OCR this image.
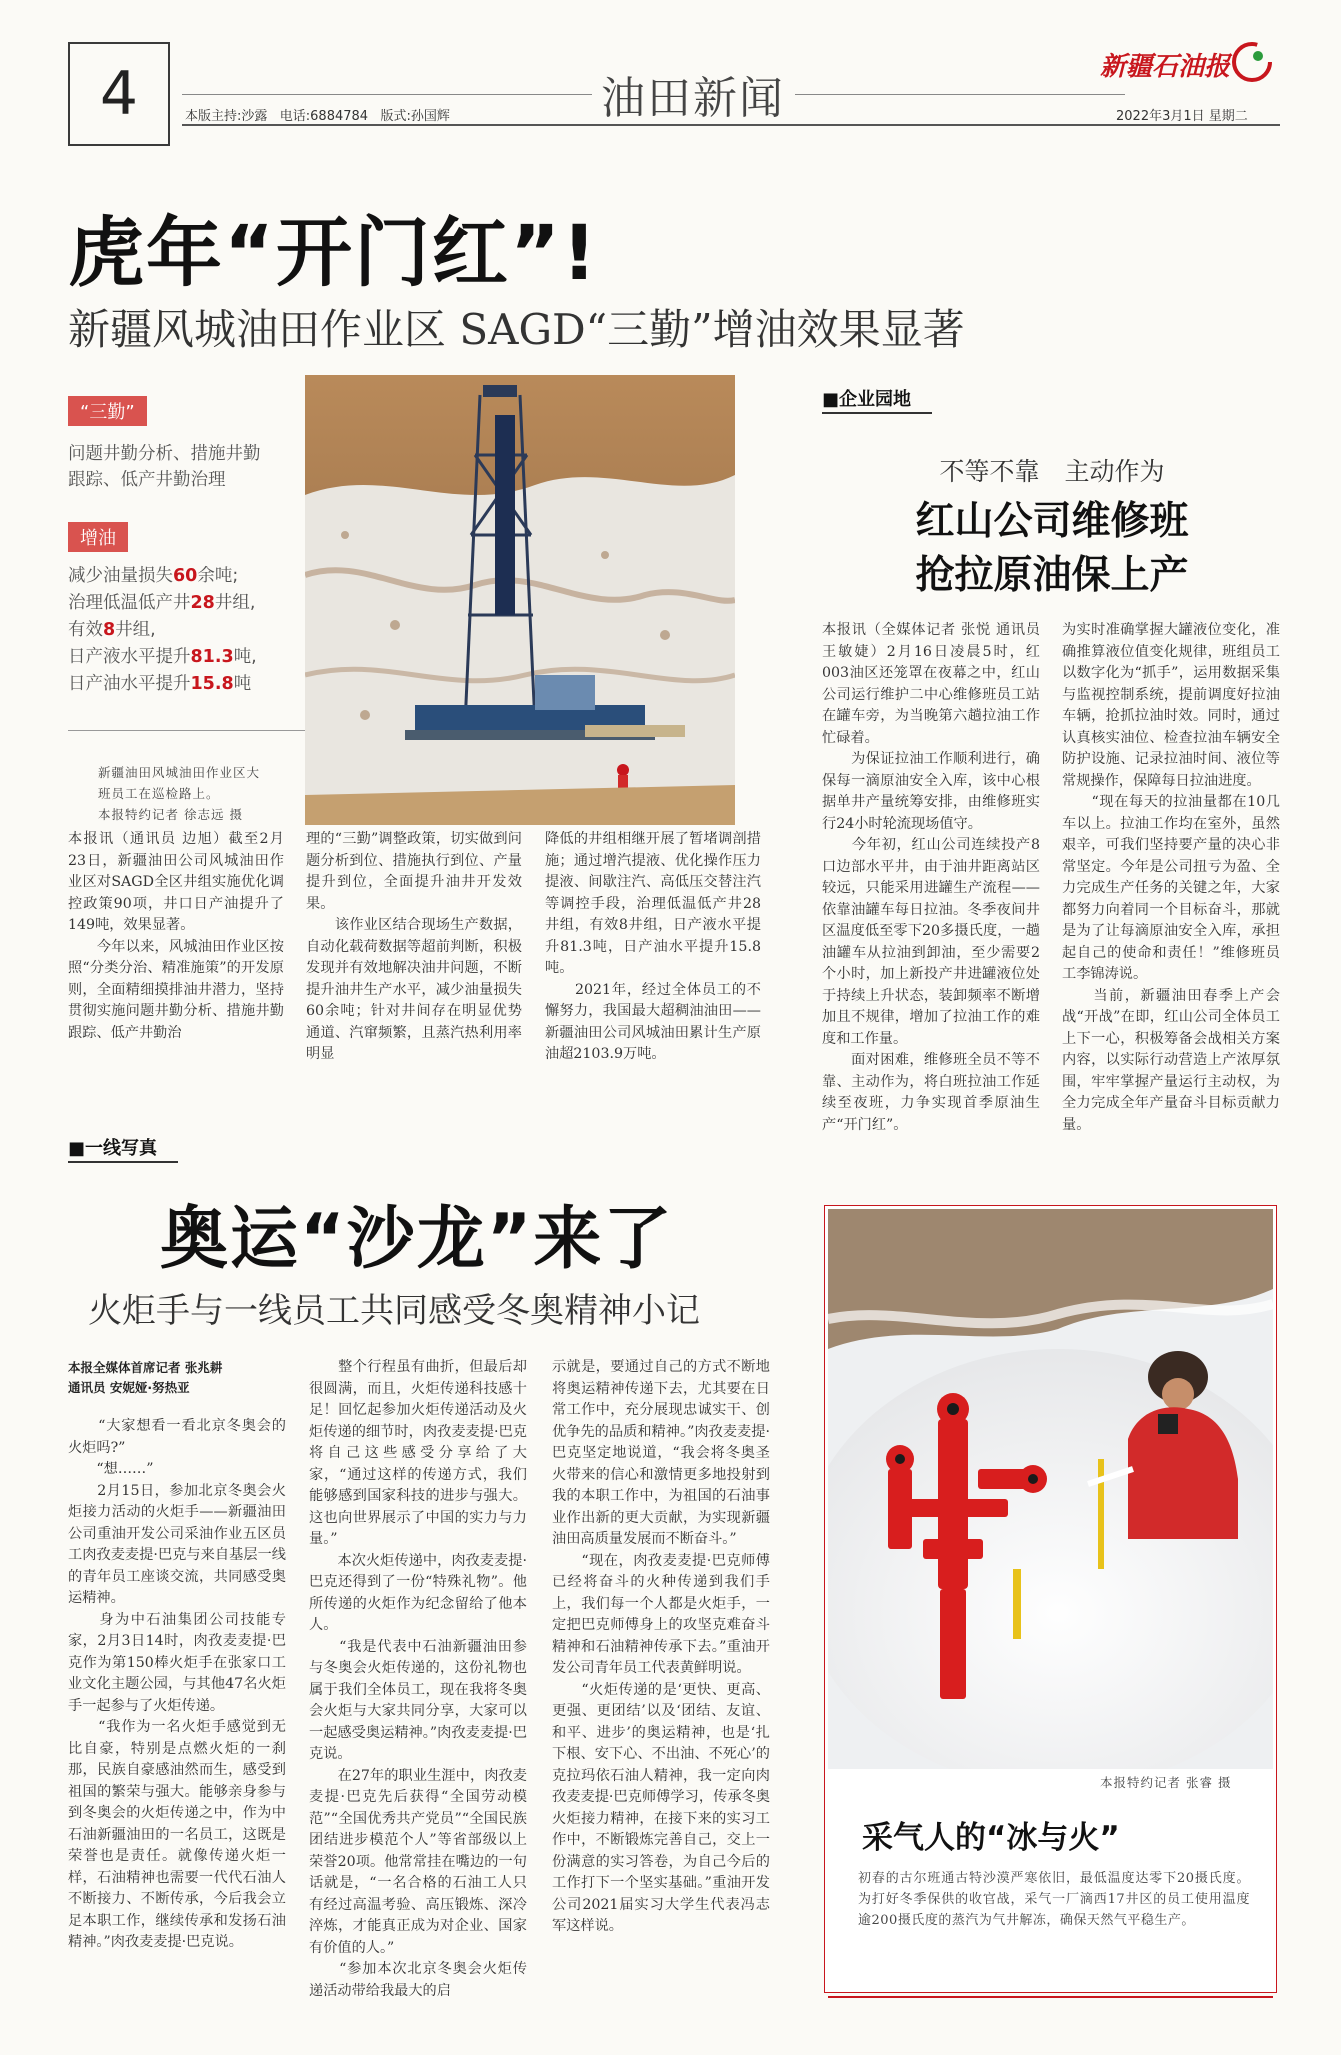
4	油田新闻
本版主持:沙露   电话:6884784   版式:孙国辉
新疆石油报
2022年3月1日 星期二
虎年“开门红”!
新疆风城油田作业区 SAGD“三勤”增油效果显著
“三勤”
问题井勤分析、措施井勤
跟踪、低产井勤治理
增油
减少油量损失60余吨;
治理低温低产井28井组,
有效8井组,
日产液水平提升81.3吨,
日产油水平提升15.8吨
新疆油田风城油田作业区大
班员工在巡检路上。
本报特约记者 徐志远 摄
本报讯（通讯员 边旭）截至2月23日，新疆油田公司风城油田作业区对SAGD全区井组实施优化调控政策90项，井口日产油提升了149吨，效果显著。
　　今年以来，风城油田作业区按照“分类分治、精准施策”的开发原则，全面精细摸排油井潜力，坚持贯彻实施问题井勤分析、措施井勤跟踪、低产井勤治
理的“三勤”调整政策，切实做到问题分析到位、措施执行到位、产量提升到位，全面提升油井开发效果。
　　该作业区结合现场生产数据，自动化载荷数据等超前判断，积极发现并有效地解决油井问题，不断提升油井生产水平，减少油量损失60余吨；针对井间存在明显优势通道、汽窜频繁，且蒸汽热利用率明显
降低的井组相继开展了暂堵调剖措施；通过增汽提液、优化操作压力提液、间歇注汽、高低压交替注汽等调控手段，治理低温低产井28井组，有效8井组，日产液水平提升81.3吨，日产油水平提升15.8吨。
　　2021年，经过全体员工的不懈努力，我国最大超稠油油田——新疆油田公司风城油田累计生产原油超2103.9万吨。
■企业园地
不等不靠　主动作为
红山公司维修班
抢拉原油保上产
本报讯（全媒体记者 张悦 通讯员 王敏婕）2月16日凌晨5时，红003油区还笼罩在夜幕之中，红山公司运行维护二中心维修班员工站在罐车旁，为当晚第六趟拉油工作忙碌着。
　　为保证拉油工作顺利进行，确保每一滴原油安全入库，该中心根据单井产量统筹安排，由维修班实行24小时轮流现场值守。
　　今年初，红山公司连续投产8口边部水平井，由于油井距离站区较远，只能采用进罐生产流程——依靠油罐车每日拉油。冬季夜间井区温度低至零下20多摄氏度，一趟油罐车从拉油到卸油，至少需要2个小时，加上新投产井进罐液位处于持续上升状态，装卸频率不断增加且不规律，增加了拉油工作的难度和工作量。
　　面对困难，维修班全员不等不靠、主动作为，将白班拉油工作延续至夜班，力争实现首季原油生产“开门红”。
为实时准确掌握大罐液位变化，准确推算液位值变化规律，班组员工以数字化为“抓手”，运用数据采集与监视控制系统，提前调度好拉油车辆，抢抓拉油时效。同时，通过认真核实油位、检查拉油车辆安全防护设施、记录拉油时间、液位等常规操作，保障每日拉油进度。
　　“现在每天的拉油量都在10几车以上。拉油工作均在室外，虽然艰辛，可我们坚持要产量的决心非常坚定。今年是公司扭亏为盈、全力完成生产任务的关键之年，大家都努力向着同一个目标奋斗，那就是为了让每滴原油安全入库，承担起自己的使命和责任！”维修班员工李锦涛说。
　　当前，新疆油田春季上产会战“开战”在即，红山公司全体员工上下一心，积极筹备会战相关方案内容，以实际行动营造上产浓厚氛围，牢牢掌握产量运行主动权，为全力完成全年产量奋斗目标贡献力量。
■一线写真
奥运“沙龙”来了
火炬手与一线员工共同感受冬奥精神小记
本报全媒体首席记者 张兆耕
通讯员 安妮娅·努热亚
　　“大家想看一看北京冬奥会的火炬吗?”
　　“想……”
　　2月15日，参加北京冬奥会火炬接力活动的火炬手——新疆油田公司重油开发公司采油作业五区员工肉孜麦麦提·巴克与来自基层一线的青年员工座谈交流，共同感受奥运精神。
　　身为中石油集团公司技能专家，2月3日14时，肉孜麦麦提·巴克作为第150棒火炬手在张家口工业文化主题公园，与其他47名火炬手一起参与了火炬传递。
　　“我作为一名火炬手感觉到无比自豪，特别是点燃火炬的一刹那，民族自豪感油然而生，感受到祖国的繁荣与强大。能够亲身参与到冬奥会的火炬传递之中，作为中石油新疆油田的一名员工，这既是荣誉也是责任。就像传递火炬一样，石油精神也需要一代代石油人不断接力、不断传承，今后我会立足本职工作，继续传承和发扬石油精神。”肉孜麦麦提·巴克说。
　　整个行程虽有曲折，但最后却很圆满，而且，火炬传递科技感十足！回忆起参加火炬传递活动及火炬传递的细节时，肉孜麦麦提·巴克将自己这些感受分享给了大家，“通过这样的传递方式，我们能够感到国家科技的进步与强大。这也向世界展示了中国的实力与力量。”
　　本次火炬传递中，肉孜麦麦提·巴克还得到了一份“特殊礼物”。他所传递的火炬作为纪念留给了他本人。
　　“我是代表中石油新疆油田参与冬奥会火炬传递的，这份礼物也属于我们全体员工，现在我将冬奥会火炬与大家共同分享，大家可以一起感受奥运精神。”肉孜麦麦提·巴克说。
　　在27年的职业生涯中，肉孜麦麦提·巴克先后获得“全国劳动模范”“全国优秀共产党员”“全国民族团结进步模范个人”等省部级以上荣誉20项。他常常挂在嘴边的一句话就是，“一名合格的石油工人只有经过高温考验、高压锻炼、深冷淬炼，才能真正成为对企业、国家有价值的人。”
　　“参加本次北京冬奥会火炬传递活动带给我最大的启
示就是，要通过自己的方式不断地将奥运精神传递下去，尤其要在日常工作中，充分展现忠诚实干、创优争先的品质和精神。”肉孜麦麦提·巴克坚定地说道，“我会将冬奥圣火带来的信心和激情更多地投射到我的本职工作中，为祖国的石油事业作出新的更大贡献，为实现新疆油田高质量发展而不断奋斗。”
　　“现在，肉孜麦麦提·巴克师傅已经将奋斗的火种传递到我们手上，我们每一个人都是火炬手，一定把巴克师傅身上的攻坚克难奋斗精神和石油精神传承下去。”重油开发公司青年员工代表黄鲜明说。
　　“火炬传递的是‘更快、更高、更强、更团结’以及‘团结、友谊、和平、进步’的奥运精神，也是‘扎下根、安下心、不出油、不死心’的克拉玛依石油人精神，我一定向肉孜麦麦提·巴克师傅学习，传承冬奥火炬接力精神，在接下来的实习工作中，不断锻炼完善自己，交上一份满意的实习答卷，为自己今后的工作打下一个坚实基础。”重油开发公司2021届实习大学生代表冯志军这样说。
本报特约记者 张睿 摄
采气人的“冰与火”
初春的古尔班通古特沙漠严寒依旧，最低温度达零下20摄氏度。为打好冬季保供的收官战，采气一厂滴西17井区的员工使用温度逾200摄氏度的蒸汽为气井解冻，确保天然气平稳生产。
